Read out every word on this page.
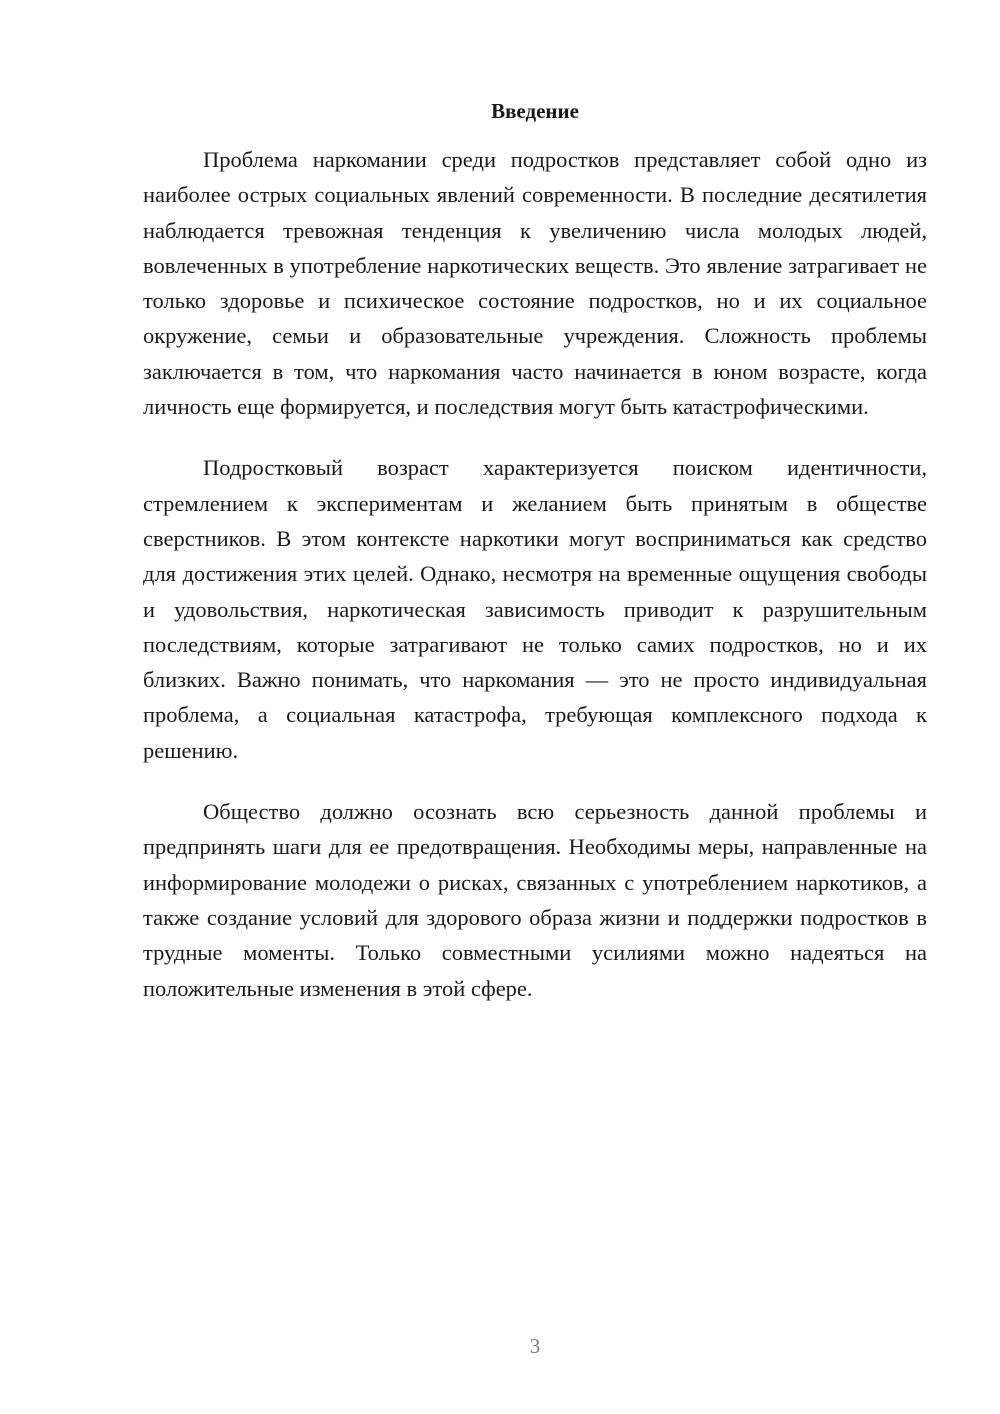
Введение

Проблема наркомании среди подростков представляет собой одно из наиболее острых социальных явлений современности. В последние десятилетия наблюдается тревожная тенденция к увеличению числа молодых людей, вовлеченных в употребление наркотических веществ. Это явление затрагивает не только здоровье и психическое состояние подростков, но и их социальное окружение, семьи и образовательные учреждения. Сложность проблемы заключается в том, что наркомания часто начинается в юном возрасте, когда личность еще формируется, и последствия могут быть катастрофическими.

Подростковый возраст характеризуется поиском идентичности, стремлением к экспериментам и желанием быть принятым в обществе сверстников. В этом контексте наркотики могут восприниматься как средство для достижения этих целей. Однако, несмотря на временные ощущения свободы и удовольствия, наркотическая зависимость приводит к разрушительным последствиям, которые затрагивают не только самих подростков, но и их близких. Важно понимать, что наркомания — это не просто индивидуальная проблема, а социальная катастрофа, требующая комплексного подхода к решению.

Общество должно осознать всю серьезность данной проблемы и предпринять шаги для ее предотвращения. Необходимы меры, направленные на информирование молодежи о рисках, связанных с употреблением наркотиков, а также создание условий для здорового образа жизни и поддержки подростков в трудные моменты. Только совместными усилиями можно надеяться на положительные изменения в этой сфере.

3
